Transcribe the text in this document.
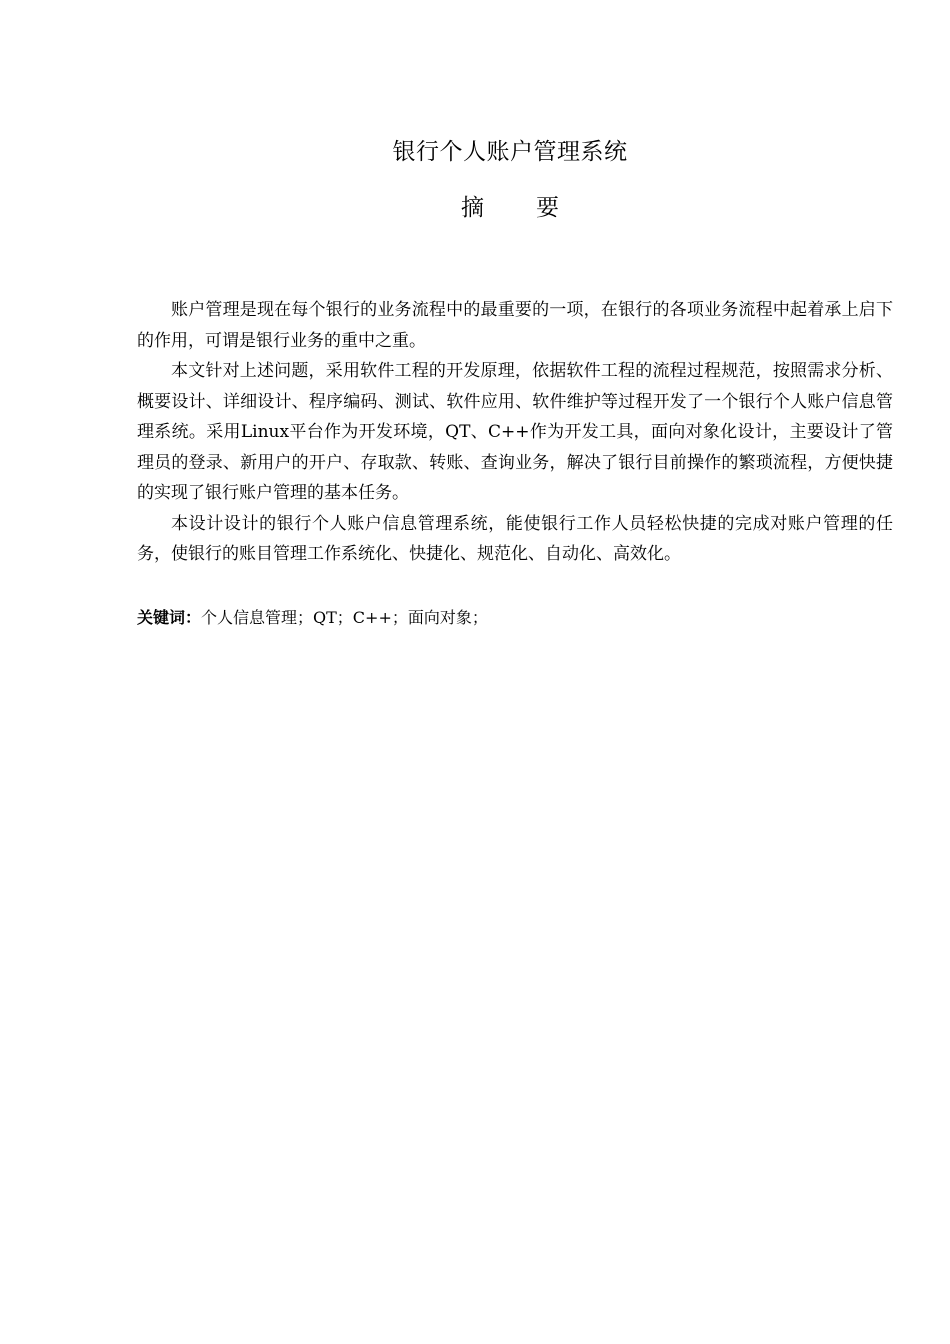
银行个人账户管理系统
摘 要

账户管理是现在每个银行的业务流程中的最重要的一项，在银行的各项业务流程中起着承上启下的作用，可谓是银行业务的重中之重。

本文针对上述问题，采用软件工程的开发原理，依据软件工程的流程过程规范，按照需求分析、概要设计、详细设计、程序编码、测试、软件应用、软件维护等过程开发了一个银行个人账户信息管理系统。采用Linux平台作为开发环境，QT、C++作为开发工具，面向对象化设计，主要设计了管理员的登录、新用户的开户、存取款、转账、查询业务，解决了银行目前操作的繁琐流程，方便快捷的实现了银行账户管理的基本任务。

本设计设计的银行个人账户信息管理系统，能使银行工作人员轻松快捷的完成对账户管理的任务，使银行的账目管理工作系统化、快捷化、规范化、自动化、高效化。

关键词：个人信息管理；QT；C++；面向对象；
